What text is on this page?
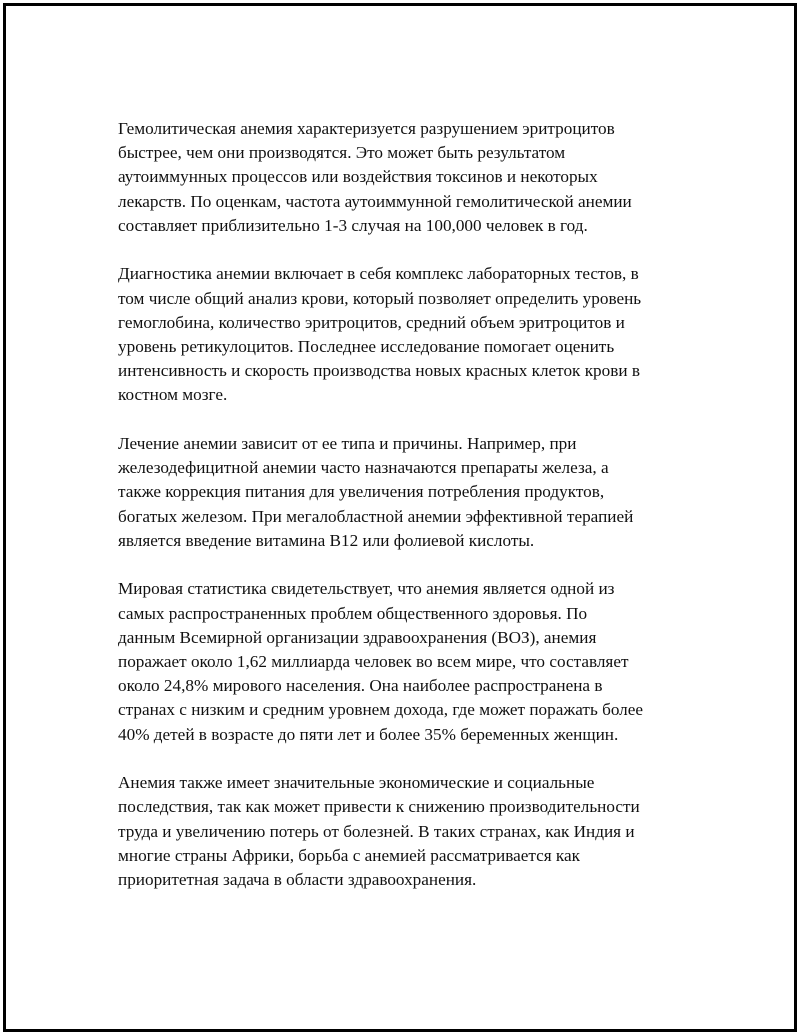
Гемолитическая анемия характеризуется разрушением эритроцитов
быстрее, чем они производятся. Это может быть результатом
аутоиммунных процессов или воздействия токсинов и некоторых
лекарств. По оценкам, частота аутоиммунной гемолитической анемии
составляет приблизительно 1-3 случая на 100,000 человек в год.

Диагностика анемии включает в себя комплекс лабораторных тестов, в
том числе общий анализ крови, который позволяет определить уровень
гемоглобина, количество эритроцитов, средний объем эритроцитов и
уровень ретикулоцитов. Последнее исследование помогает оценить
интенсивность и скорость производства новых красных клеток крови в
костном мозге.

Лечение анемии зависит от ее типа и причины. Например, при
железодефицитной анемии часто назначаются препараты железа, а
также коррекция питания для увеличения потребления продуктов,
богатых железом. При мегалобластной анемии эффективной терапией
является введение витамина B12 или фолиевой кислоты.

Мировая статистика свидетельствует, что анемия является одной из
самых распространенных проблем общественного здоровья. По
данным Всемирной организации здравоохранения (ВОЗ), анемия
поражает около 1,62 миллиарда человек во всем мире, что составляет
около 24,8% мирового населения. Она наиболее распространена в
странах с низким и средним уровнем дохода, где может поражать более
40% детей в возрасте до пяти лет и более 35% беременных женщин.

Анемия также имеет значительные экономические и социальные
последствия, так как может привести к снижению производительности
труда и увеличению потерь от болезней. В таких странах, как Индия и
многие страны Африки, борьба с анемией рассматривается как
приоритетная задача в области здравоохранения.
